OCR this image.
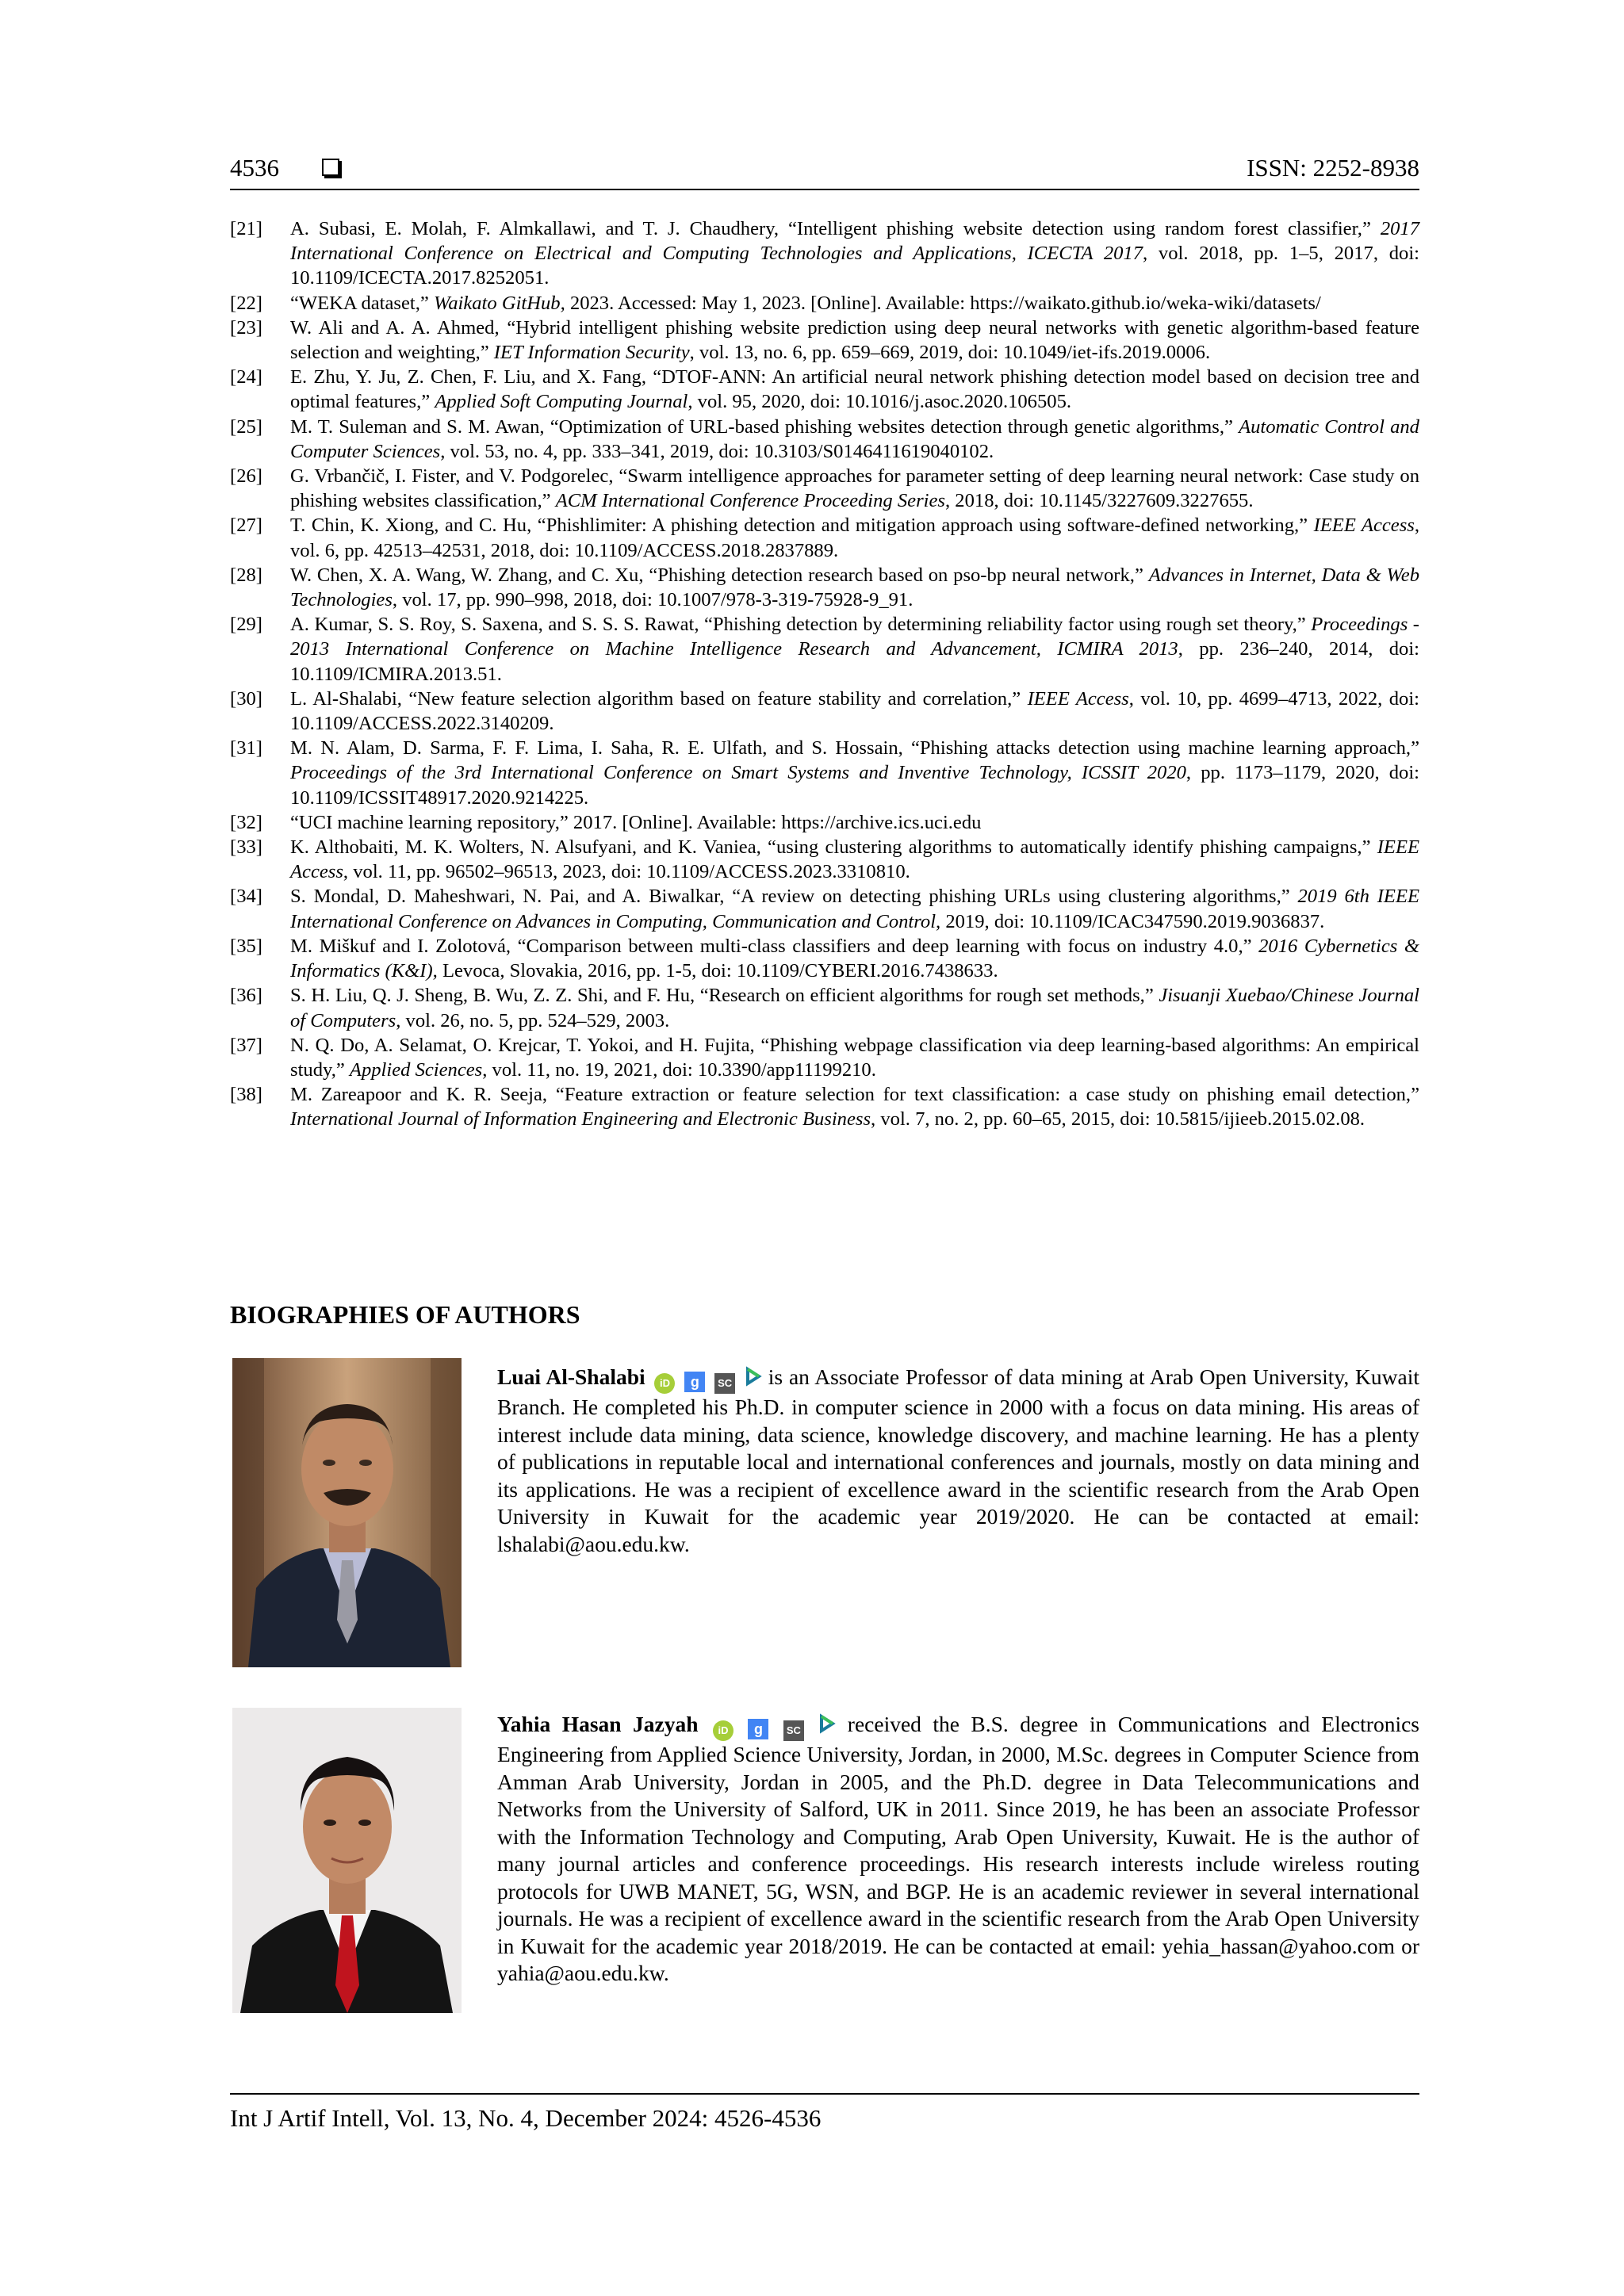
4536	ISSN: 2252-8938
[21]	A. Subasi, E. Molah, F. Almkallawi, and T. J. Chaudhery, “Intelligent phishing website detection using random forest classifier,” 2017 International Conference on Electrical and Computing Technologies and Applications, ICECTA 2017, vol. 2018, pp. 1–5, 2017, doi: 10.1109/ICECTA.2017.8252051.
[22]	“WEKA dataset,” Waikato GitHub, 2023. Accessed: May 1, 2023. [Online]. Available: https://waikato.github.io/weka-wiki/datasets/
[23]	W. Ali and A. A. Ahmed, “Hybrid intelligent phishing website prediction using deep neural networks with genetic algorithm-based feature selection and weighting,” IET Information Security, vol. 13, no. 6, pp. 659–669, 2019, doi: 10.1049/iet-ifs.2019.0006.
[24]	E. Zhu, Y. Ju, Z. Chen, F. Liu, and X. Fang, “DTOF-ANN: An artificial neural network phishing detection model based on decision tree and optimal features,” Applied Soft Computing Journal, vol. 95, 2020, doi: 10.1016/j.asoc.2020.106505.
[25]	M. T. Suleman and S. M. Awan, “Optimization of URL-based phishing websites detection through genetic algorithms,” Automatic Control and Computer Sciences, vol. 53, no. 4, pp. 333–341, 2019, doi: 10.3103/S0146411619040102.
[26]	G. Vrbančič, I. Fister, and V. Podgorelec, “Swarm intelligence approaches for parameter setting of deep learning neural network: Case study on phishing websites classification,” ACM International Conference Proceeding Series, 2018, doi: 10.1145/3227609.3227655.
[27]	T. Chin, K. Xiong, and C. Hu, “Phishlimiter: A phishing detection and mitigation approach using software-defined networking,” IEEE Access, vol. 6, pp. 42513–42531, 2018, doi: 10.1109/ACCESS.2018.2837889.
[28]	W. Chen, X. A. Wang, W. Zhang, and C. Xu, “Phishing detection research based on pso-bp neural network,” Advances in Internet, Data & Web Technologies, vol. 17, pp. 990–998, 2018, doi: 10.1007/978-3-319-75928-9_91.
[29]	A. Kumar, S. S. Roy, S. Saxena, and S. S. S. Rawat, “Phishing detection by determining reliability factor using rough set theory,” Proceedings - 2013 International Conference on Machine Intelligence Research and Advancement, ICMIRA 2013, pp. 236–240, 2014, doi: 10.1109/ICMIRA.2013.51.
[30]	L. Al-Shalabi, “New feature selection algorithm based on feature stability and correlation,” IEEE Access, vol. 10, pp. 4699–4713, 2022, doi: 10.1109/ACCESS.2022.3140209.
[31]	M. N. Alam, D. Sarma, F. F. Lima, I. Saha, R. E. Ulfath, and S. Hossain, “Phishing attacks detection using machine learning approach,” Proceedings of the 3rd International Conference on Smart Systems and Inventive Technology, ICSSIT 2020, pp. 1173–1179, 2020, doi: 10.1109/ICSSIT48917.2020.9214225.
[32]	“UCI machine learning repository,” 2017. [Online]. Available: https://archive.ics.uci.edu
[33]	K. Althobaiti, M. K. Wolters, N. Alsufyani, and K. Vaniea, “using clustering algorithms to automatically identify phishing campaigns,” IEEE Access, vol. 11, pp. 96502–96513, 2023, doi: 10.1109/ACCESS.2023.3310810.
[34]	S. Mondal, D. Maheshwari, N. Pai, and A. Biwalkar, “A review on detecting phishing URLs using clustering algorithms,” 2019 6th IEEE International Conference on Advances in Computing, Communication and Control, 2019, doi: 10.1109/ICAC347590.2019.9036837.
[35]	M. Miškuf and I. Zolotová, “Comparison between multi-class classifiers and deep learning with focus on industry 4.0,” 2016 Cybernetics & Informatics (K&I), Levoca, Slovakia, 2016, pp. 1-5, doi: 10.1109/CYBERI.2016.7438633.
[36]	S. H. Liu, Q. J. Sheng, B. Wu, Z. Z. Shi, and F. Hu, “Research on efficient algorithms for rough set methods,” Jisuanji Xuebao/Chinese Journal of Computers, vol. 26, no. 5, pp. 524–529, 2003.
[37]	N. Q. Do, A. Selamat, O. Krejcar, T. Yokoi, and H. Fujita, “Phishing webpage classification via deep learning-based algorithms: An empirical study,” Applied Sciences, vol. 11, no. 19, 2021, doi: 10.3390/app11199210.
[38]	M. Zareapoor and K. R. Seeja, “Feature extraction or feature selection for text classification: a case study on phishing email detection,” International Journal of Information Engineering and Electronic Business, vol. 7, no. 2, pp. 60–65, 2015, doi: 10.5815/ijieeb.2015.02.08.
BIOGRAPHIES OF AUTHORS
Luai Al-Shalabi iD g SC  is an Associate Professor of data mining at Arab Open University, Kuwait Branch. He completed his Ph.D. in computer science in 2000 with a focus on data mining. His areas of interest include data mining, data science, knowledge discovery, and machine learning. He has a plenty of publications in reputable local and international conferences and journals, mostly on data mining and its applications. He was a recipient of excellence award in the scientific research from the Arab Open University in Kuwait for the academic year 2019/2020. He can be contacted at email: lshalabi@aou.edu.kw.
Yahia Hasan Jazyah iD g SC  received the B.S. degree in Communications and Electronics Engineering from Applied Science University, Jordan, in 2000, M.Sc. degrees in Computer Science from Amman Arab University, Jordan in 2005, and the Ph.D. degree in Data Telecommunications and Networks from the University of Salford, UK in 2011. Since 2019, he has been an associate Professor with the Information Technology and Computing, Arab Open University, Kuwait. He is the author of many journal articles and conference proceedings. His research interests include wireless routing protocols for UWB MANET, 5G, WSN, and BGP. He is an academic reviewer in several international journals. He was a recipient of excellence award in the scientific research from the Arab Open University in Kuwait for the academic year 2018/2019. He can be contacted at email: yehia_hassan@yahoo.com or yahia@aou.edu.kw.
Int J Artif Intell, Vol. 13, No. 4, December 2024: 4526-4536
